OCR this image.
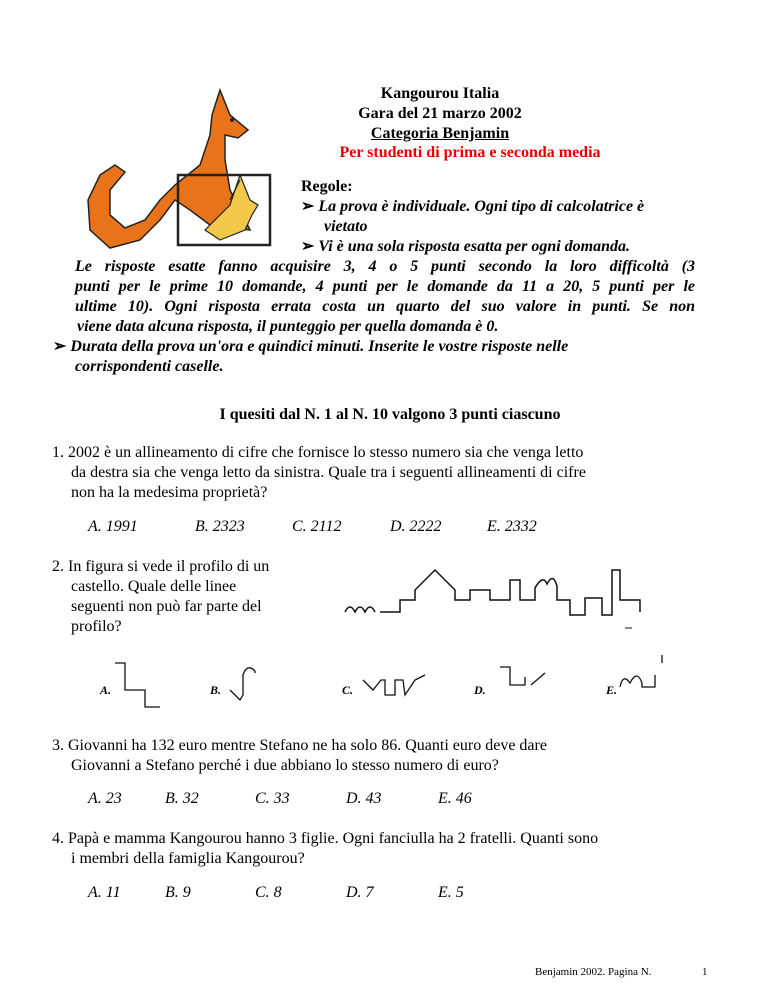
Kangourou Italia
Gara del 21 marzo 2002
Categoria Benjamin
Per studenti di prima e seconda media
Regole:
➢ La prova è individuale. Ogni tipo di calcolatrice è
vietato
➢ Vi è una sola risposta esatta per ogni domanda.
Le risposte esatte fanno acquisire 3, 4 o 5 punti secondo la loro difficoltà (3
punti per le prime 10 domande, 4 punti per le domande da 11 a 20, 5 punti per le
ultime 10). Ogni risposta errata costa un quarto del suo valore in punti. Se non
viene data alcuna risposta, il punteggio per quella domanda è 0.
➢ Durata della prova un'ora e quindici minuti. Inserite le vostre risposte nelle
corrispondenti caselle.
I quesiti dal N. 1 al N. 10 valgono 3 punti ciascuno
1. 2002 è un allineamento di cifre che fornisce lo stesso numero sia che venga letto
da destra sia che venga letto da sinistra. Quale tra i seguenti allineamenti di cifre
non ha la medesima proprietà?
A. 1991	B. 2323	C. 2112	D. 2222	E. 2332
2. In figura si vede il profilo di un
castello. Quale delle linee
seguenti non può far parte del
profilo?
A.	B.	C.	D.	E.
3. Giovanni ha 132 euro mentre Stefano ne ha solo 86. Quanti euro deve dare
Giovanni a Stefano perché i due abbiano lo stesso numero di euro?
A. 23	B. 32	C. 33	D. 43	E. 46
4. Papà e mamma Kangourou hanno 3 figlie. Ogni fanciulla ha 2 fratelli. Quanti sono
i membri della famiglia Kangourou?
A. 11	B. 9	C. 8	D. 7	E. 5
Benjamin 2002. Pagina N.	1
